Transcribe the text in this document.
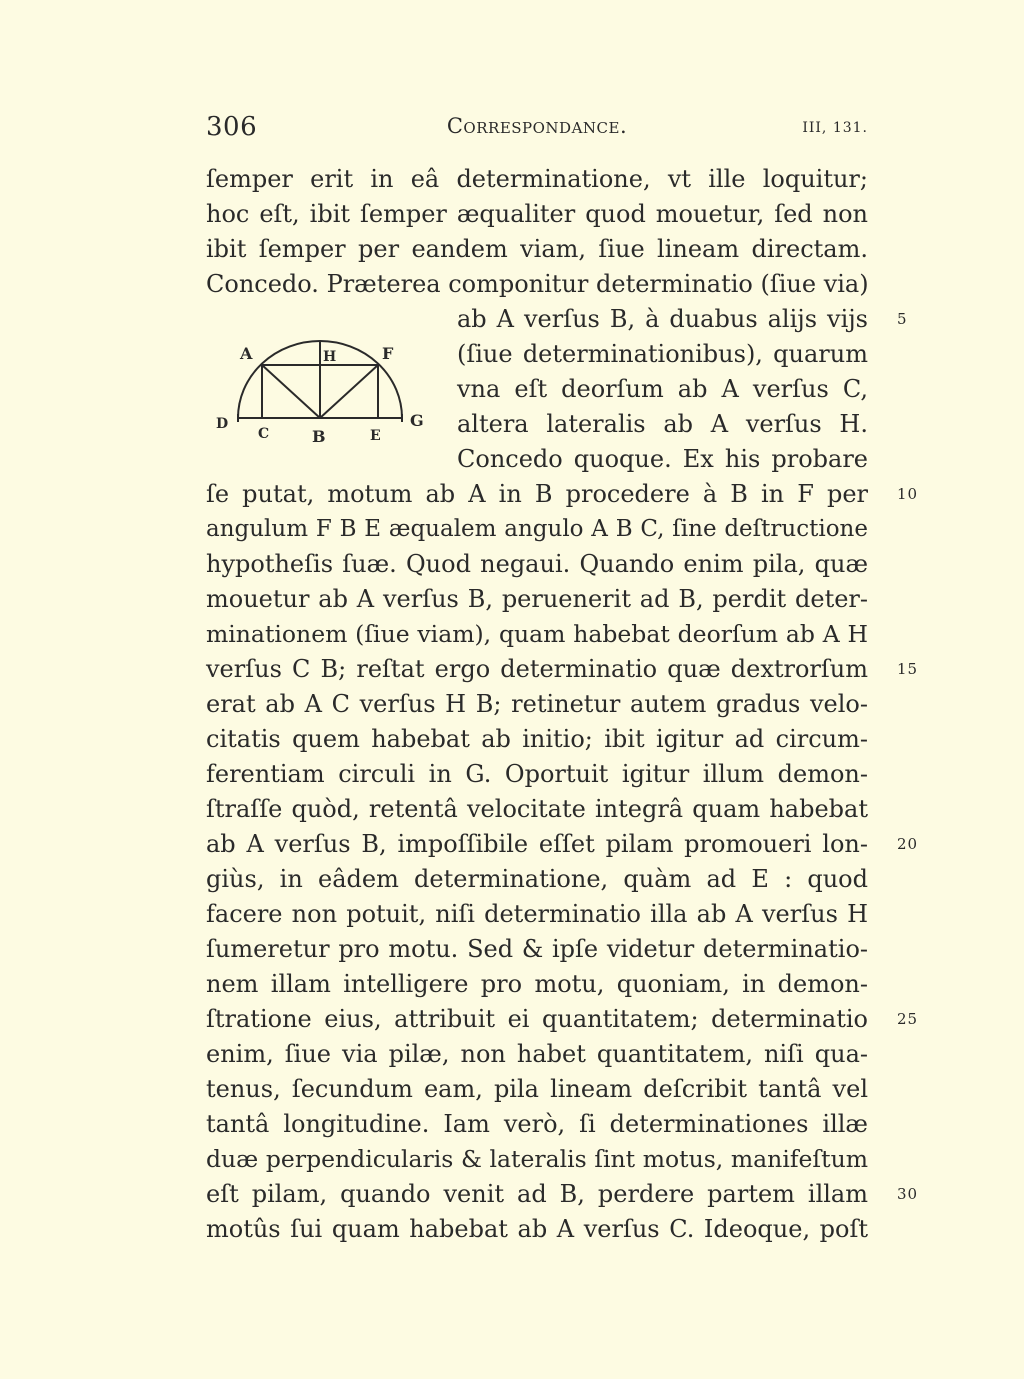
306	Correspondance.	III, 131.
A	H	F
D
C	B	E
G
ſemper erit in eâ determinatione, vt ille loquitur;
hoc eſt, ibit ſemper æqualiter quod mouetur, ſed non
ibit ſemper per eandem viam, ſiue lineam directam.
Concedo. Præterea componitur determinatio (ſiue via)
ab A verſus B, à duabus alijs vijs
(ſiue determinationibus), quarum
vna eſt deorſum ab A verſus C,
altera lateralis ab A verſus H.
Concedo quoque. Ex his probare
ſe putat, motum ab A in B procedere à B in F per
angulum F B E æqualem angulo A B C, ſine deſtructione
hypotheſis ſuæ. Quod negaui. Quando enim pila, quæ
mouetur ab A verſus B, peruenerit ad B, perdit deter-
minationem (ſiue viam), quam habebat deorſum ab A H
verſus C B; reſtat ergo determinatio quæ dextrorſum
erat ab A C verſus H B; retinetur autem gradus velo-
citatis quem habebat ab initio; ibit igitur ad circum-
ferentiam circuli in G. Oportuit igitur illum demon-
ſtraſſe quòd, retentâ velocitate integrâ quam habebat
ab A verſus B, impoſſibile eſſet pilam promoueri lon-
giùs, in eâdem determinatione, quàm ad E : quod
facere non potuit, niſi determinatio illa ab A verſus H
ſumeretur pro motu. Sed & ipſe videtur determinatio-
nem illam intelligere pro motu, quoniam, in demon-
ſtratione eius, attribuit ei quantitatem; determinatio
enim, ſiue via pilæ, non habet quantitatem, niſi qua-
tenus, ſecundum eam, pila lineam deſcribit tantâ vel
tantâ longitudine. Iam verò, ſi determinationes illæ
duæ perpendicularis & lateralis ſint motus, manifeſtum
eſt pilam, quando venit ad B, perdere partem illam
motûs ſui quam habebat ab A verſus C. Ideoque, poſt
5
10
15
20
25
30
